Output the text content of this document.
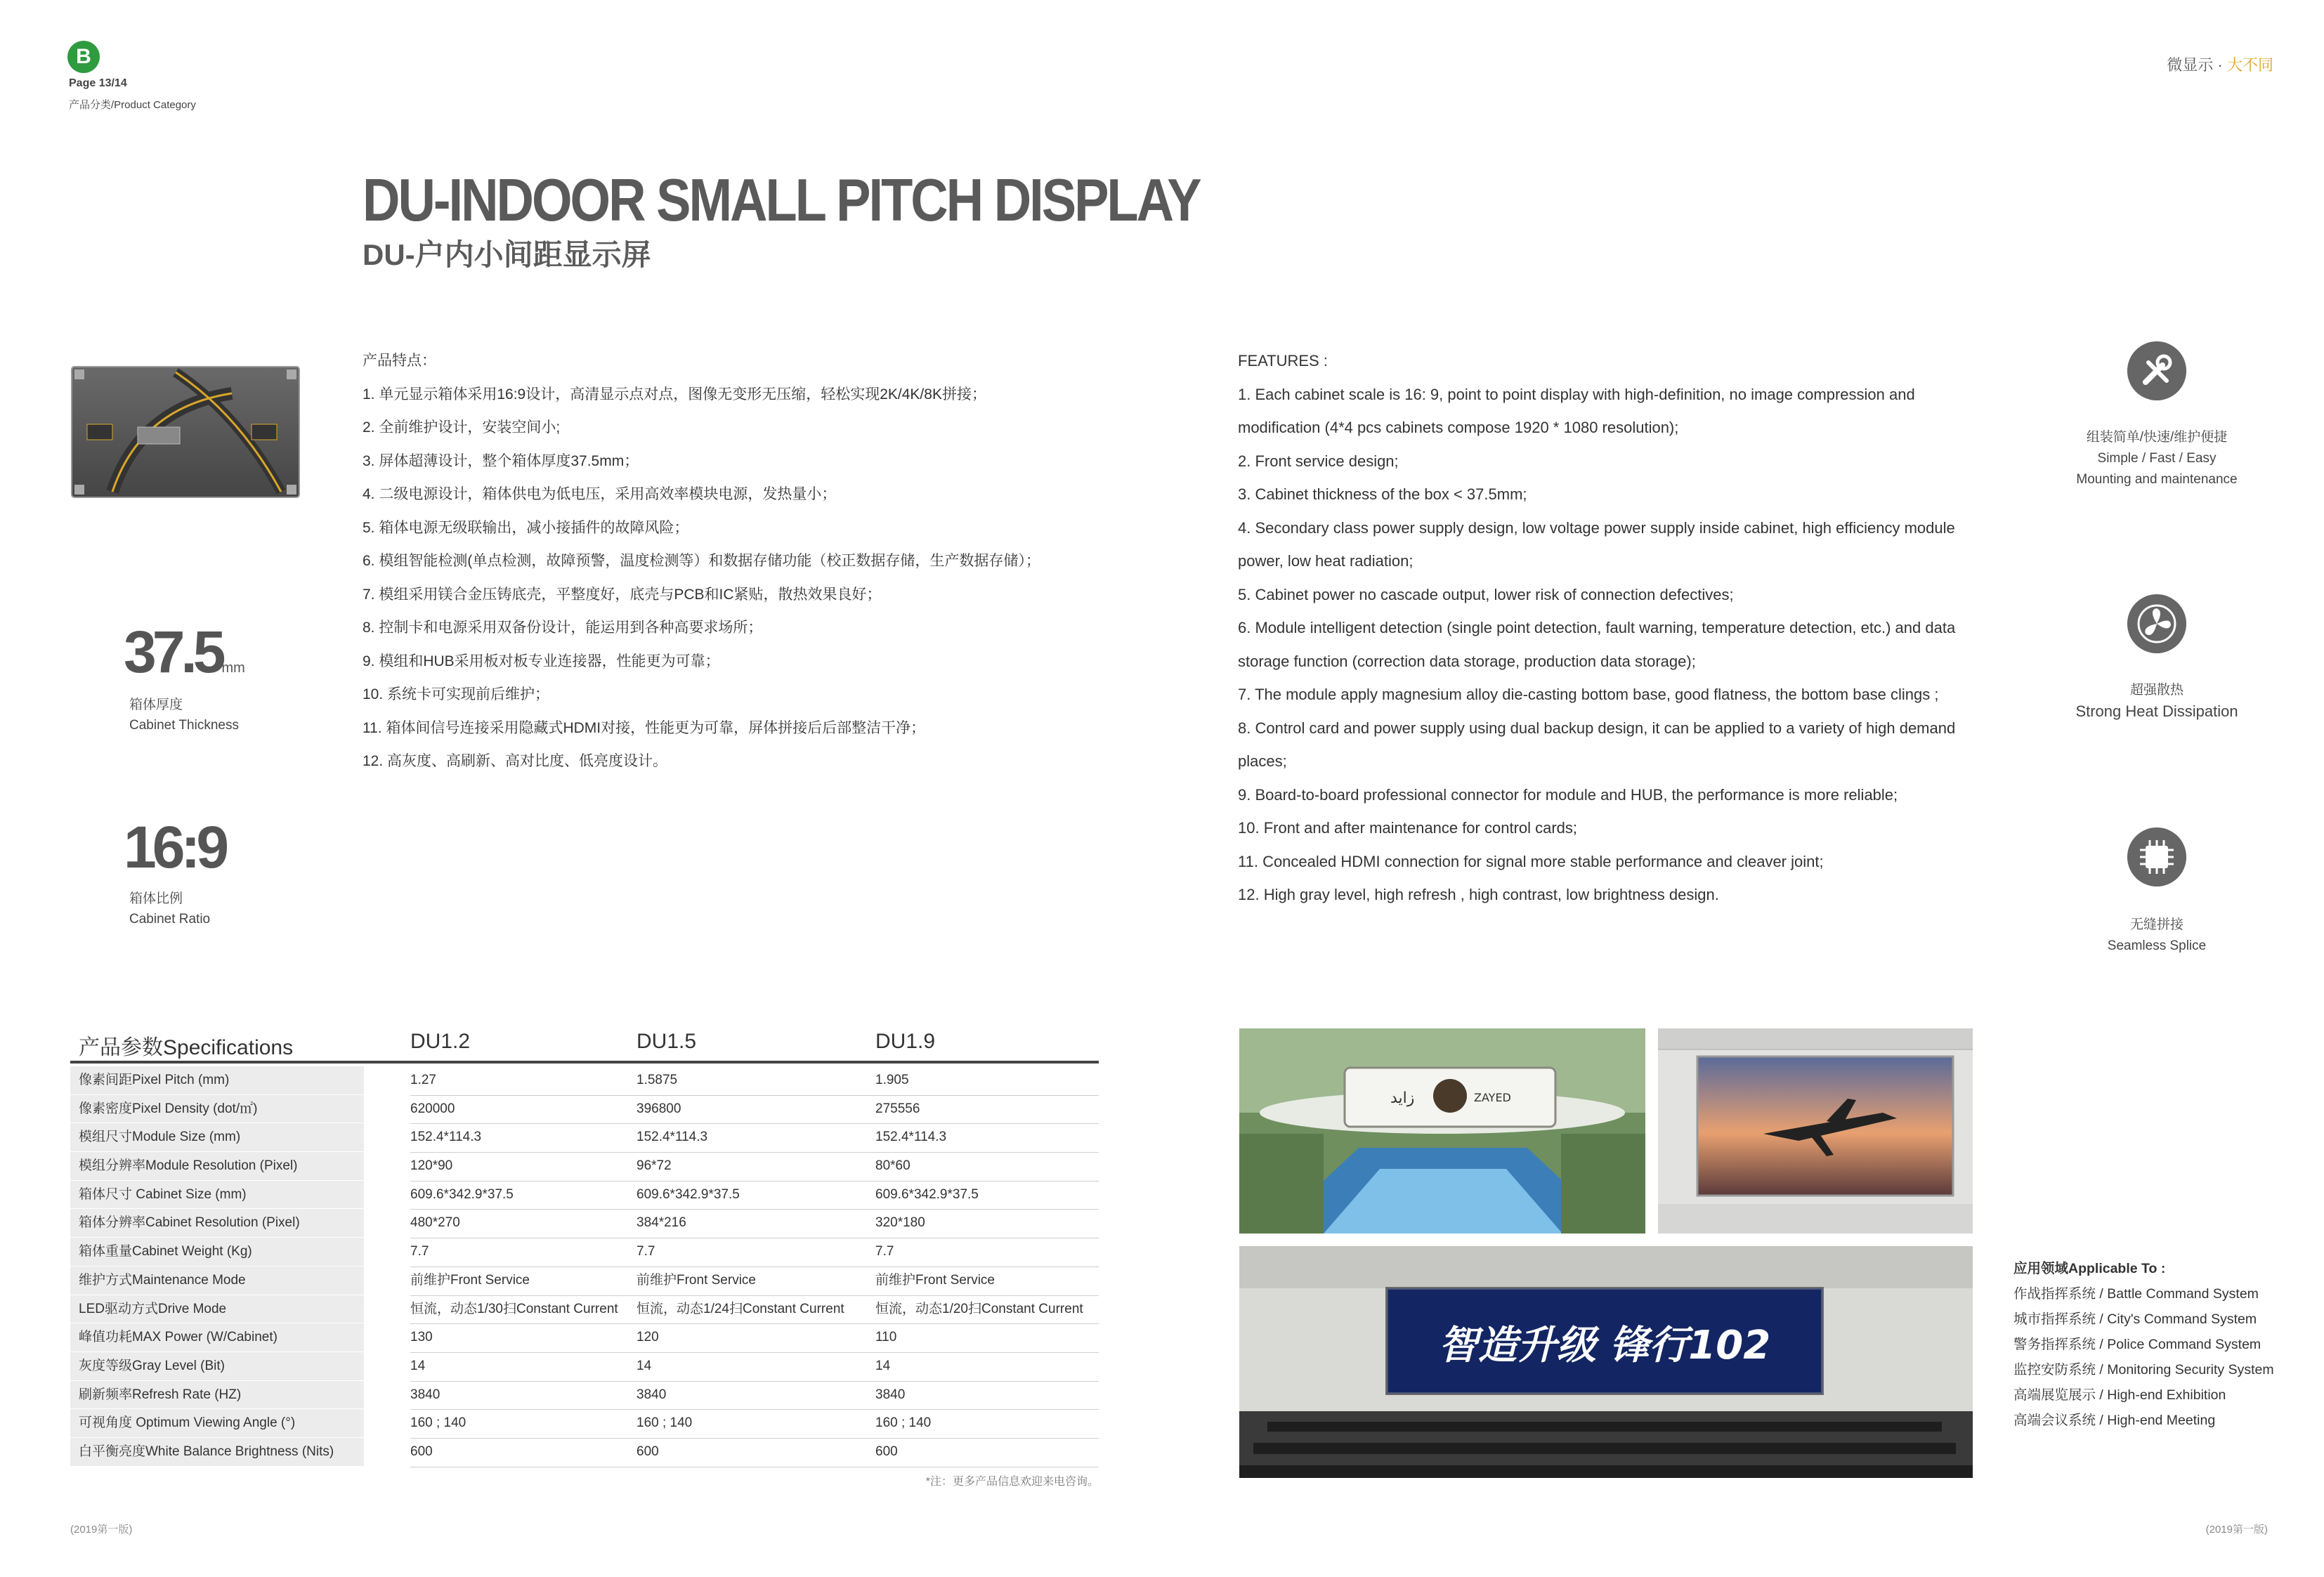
B
Page 13/14
产品分类/Product Category
微显示 · 大不同
DU-INDOOR SMALL PITCH DISPLAY
DU-户内小间距显示屏
37.5mm
箱体厚度
Cabinet Thickness
16:9
箱体比例
Cabinet Ratio
产品特点：
1. 单元显示箱体采用16:9设计，高清显示点对点，图像无变形无压缩，轻松实现2K/4K/8K拼接；
2. 全前维护设计，安装空间小;
3. 屏体超薄设计，整个箱体厚度37.5mm；
4. 二级电源设计，箱体供电为低电压，采用高效率模块电源，发热量小；
5. 箱体电源无级联输出，减小接插件的故障风险；
6. 模组智能检测(单点检测，故障预警，温度检测等）和数据存储功能（校正数据存储，生产数据存储）；
7. 模组采用镁合金压铸底壳，平整度好，底壳与PCB和IC紧贴，散热效果良好；
8. 控制卡和电源采用双备份设计，能运用到各种高要求场所；
9. 模组和HUB采用板对板专业连接器，性能更为可靠；
10. 系统卡可实现前后维护；
11. 箱体间信号连接采用隐藏式HDMI对接，性能更为可靠，屏体拼接后后部整洁干净；
12. 高灰度、高刷新、高对比度、低亮度设计。
FEATURES :
1. Each cabinet scale is 16: 9, point to point display with high-definition, no image compression and modification (4*4 pcs cabinets compose 1920 * 1080 resolution);
2. Front service design;
3. Cabinet thickness of the box < 37.5mm;
4. Secondary class power supply design, low voltage power supply inside cabinet, high efficiency module power, low heat radiation;
5. Cabinet power no cascade output, lower risk of connection defectives;
6. Module intelligent detection (single point detection, fault warning, temperature detection, etc.) and data storage function (correction data storage, production data storage);
7. The module apply magnesium alloy die-casting bottom base, good flatness, the bottom base clings ;
8. Control card and power supply using dual backup design, it can be applied to a variety of high demand places;
9. Board-to-board professional connector for module and HUB, the performance is more reliable;
10. Front and after maintenance for control cards;
11. Concealed HDMI connection for signal more stable performance and cleaver joint;
12. High gray level, high refresh , high contrast, low brightness design.
组装简单/快速/维护便捷
Simple / Fast / Easy
Mounting and maintenance
超强散热
Strong Heat Dissipation
无缝拼接
Seamless Splice
产品参数Specifications	DU1.2	DU1.5	DU1.9
像素间距Pixel Pitch (mm)	1.27	1.5875	1.905
像素密度Pixel Density (dot/㎡)	620000	396800	275556
模组尺寸Module Size (mm)	152.4*114.3	152.4*114.3	152.4*114.3
模组分辨率Module Resolution (Pixel)	120*90	96*72	80*60
箱体尺寸 Cabinet Size (mm)	609.6*342.9*37.5	609.6*342.9*37.5	609.6*342.9*37.5
箱体分辨率Cabinet Resolution (Pixel)	480*270	384*216	320*180
箱体重量Cabinet Weight (Kg)	7.7	7.7	7.7
维护方式Maintenance Mode	前维护Front Service	前维护Front Service	前维护Front Service
LED驱动方式Drive Mode	恒流，动态1/30扫Constant Current	恒流，动态1/24扫Constant Current	恒流，动态1/20扫Constant Current
峰值功耗MAX Power (W/Cabinet)	130	120	110
灰度等级Gray Level (Bit)	14	14	14
刷新频率Refresh Rate (HZ)	3840	3840	3840
可视角度 Optimum Viewing Angle (°)	160 ; 140	160 ; 140	160 ; 140
白平衡亮度White Balance Brightness (Nits)	600	600	600
*注：更多产品信息欢迎来电咨询。
زايد	ZAYED
智造升级 锋行102
应用领域Applicable To :
作战指挥系统 / Battle Command System
城市指挥系统 / City's Command System
警务指挥系统 / Police Command System
监控安防系统 / Monitoring Security System
高端展览展示 / High-end Exhibition
高端会议系统 / High-end Meeting
(2019第一版)	(2019第一版)
